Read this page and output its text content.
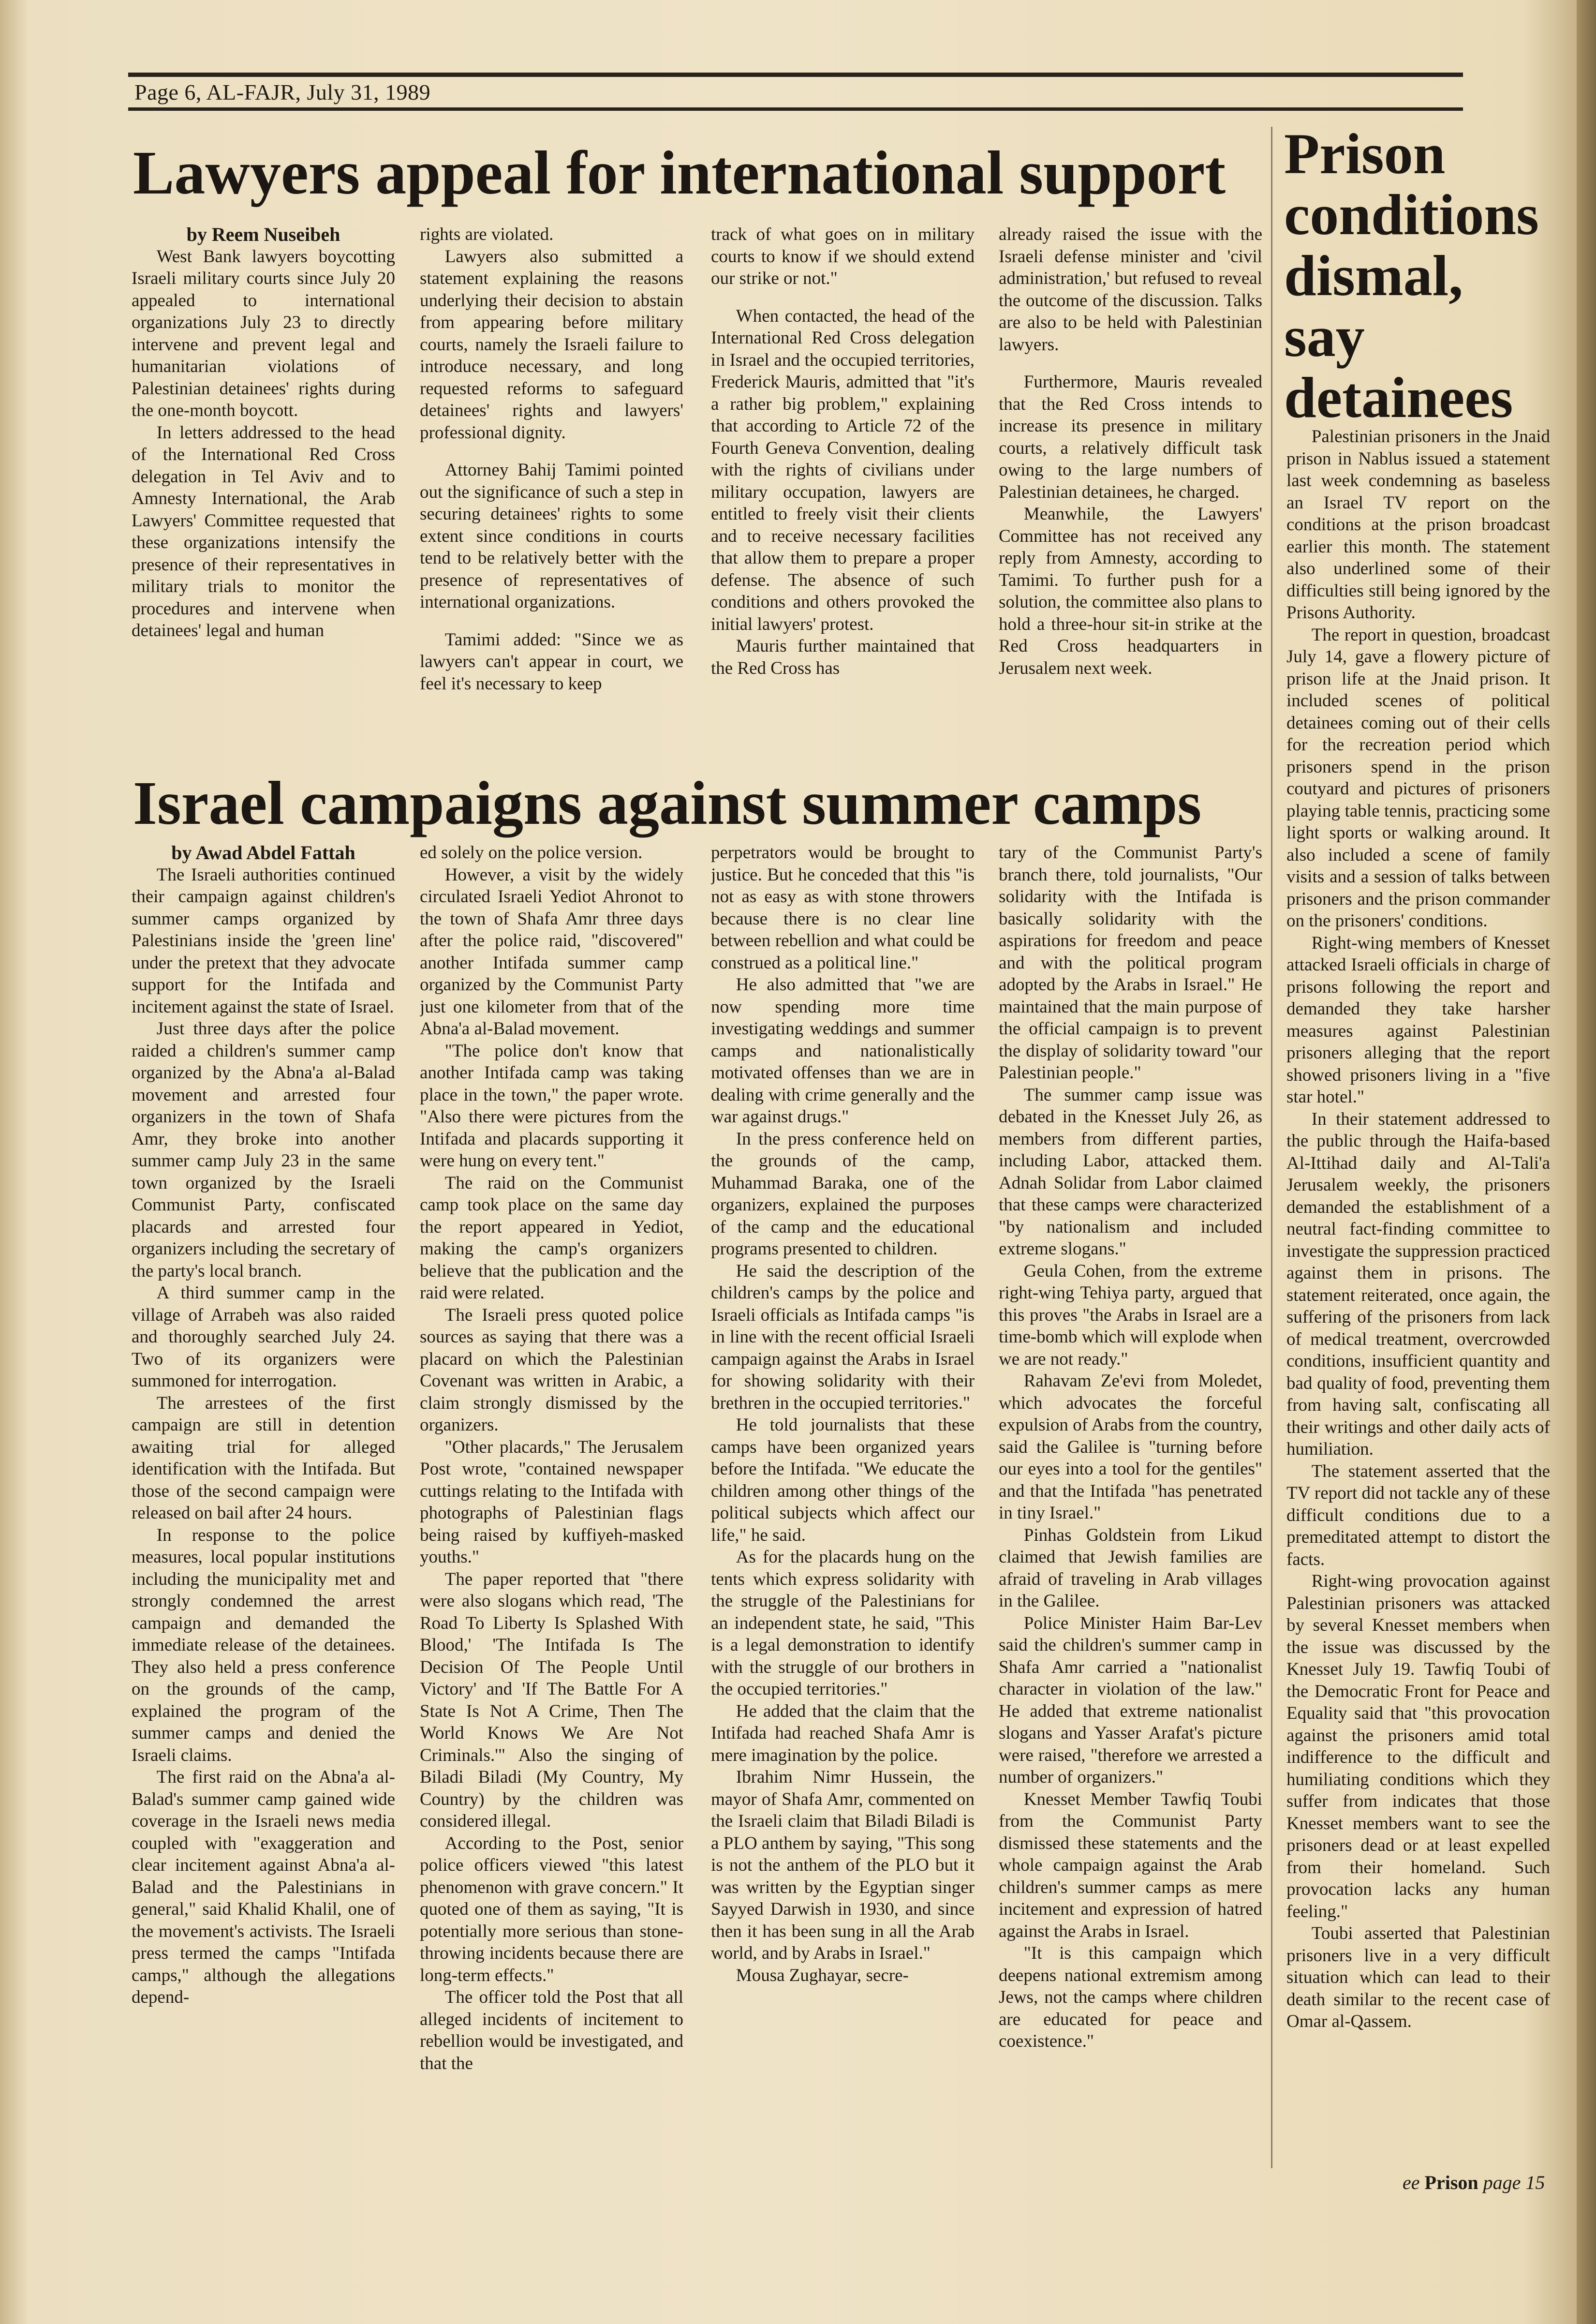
Page 6, AL-FAJR, July 31, 1989
Lawyers appeal for international support

by Reem Nuseibeh

West Bank lawyers boycotting Israeli military courts since July 20 appealed to international organizations July 23 to directly intervene and prevent legal and humanitarian violations of Palestinian detainees' rights during the one-month boycott.

In letters addressed to the head of the International Red Cross delegation in Tel Aviv and to Amnesty International, the Arab Lawyers' Committee requested that these organizations intensify the presence of their representatives in military trials to monitor the procedures and intervene when detainees' legal and human

rights are violated.

Lawyers also submitted a statement explaining the reasons underlying their decision to abstain from appearing before military courts, namely the Israeli failure to introduce necessary, and long requested reforms to safeguard detainees' rights and lawyers' professional dignity.

Attorney Bahij Tamimi pointed out the significance of such a step in securing detainees' rights to some extent since conditions in courts tend to be relatively better with the presence of representatives of international organizations.

Tamimi added: "Since we as lawyers can't appear in court, we feel it's necessary to keep

track of what goes on in military courts to know if we should extend our strike or not."

When contacted, the head of the International Red Cross delegation in Israel and the occupied territories, Frederick Mauris, admitted that "it's a rather big problem," explaining that according to Article 72 of the Fourth Geneva Convention, dealing with the rights of civilians under military occupation, lawyers are entitled to freely visit their clients and to receive necessary facilities that allow them to prepare a proper defense. The absence of such conditions and others provoked the initial lawyers' protest.

Mauris further maintained that the Red Cross has

already raised the issue with the Israeli defense minister and 'civil administration,' but refused to reveal the outcome of the discussion. Talks are also to be held with Palestinian lawyers.

Furthermore, Mauris revealed that the Red Cross intends to increase its presence in military courts, a relatively difficult task owing to the large numbers of Palestinian detainees, he charged.

Meanwhile, the Lawyers' Committee has not received any reply from Amnesty, according to Tamimi. To further push for a solution, the committee also plans to hold a three-hour sit-in strike at the Red Cross headquarters in Jerusalem next week.

Israel campaigns against summer camps

by Awad Abdel Fattah

The Israeli authorities continued their campaign against children's summer camps organized by Palestinians inside the 'green line' under the pretext that they advocate support for the Intifada and incitement against the state of Israel.

Just three days after the police raided a children's summer camp organized by the Abna'a al-Balad movement and arrested four organizers in the town of Shafa Amr, they broke into another summer camp July 23 in the same town organized by the Israeli Communist Party, confiscated placards and arrested four organizers including the secretary of the party's local branch.

A third summer camp in the village of Arrabeh was also raided and thoroughly searched July 24. Two of its organizers were summoned for interrogation.

The arrestees of the first campaign are still in detention awaiting trial for alleged identification with the Intifada. But those of the second campaign were released on bail after 24 hours.

In response to the police measures, local popular institutions including the municipality met and strongly condemned the arrest campaign and demanded the immediate release of the detainees. They also held a press conference on the grounds of the camp, explained the program of the summer camps and denied the Israeli claims.

The first raid on the Abna'a al-Balad's summer camp gained wide coverage in the Israeli news media coupled with "exaggeration and clear incitement against Abna'a al-Balad and the Palestinians in general," said Khalid Khalil, one of the movement's activists. The Israeli press termed the camps "Intifada camps," although the allegations depend-

ed solely on the police version.

However, a visit by the widely circulated Israeli Yediot Ahronot to the town of Shafa Amr three days after the police raid, "discovered" another Intifada summer camp organized by the Communist Party just one kilometer from that of the Abna'a al-Balad movement.

"The police don't know that another Intifada camp was taking place in the town," the paper wrote. "Also there were pictures from the Intifada and placards supporting it were hung on every tent."

The raid on the Communist camp took place on the same day the report appeared in Yediot, making the camp's organizers believe that the publication and the raid were related.

The Israeli press quoted police sources as saying that there was a placard on which the Palestinian Covenant was written in Arabic, a claim strongly dismissed by the organizers.

"Other placards," The Jerusalem Post wrote, "contained newspaper cuttings relating to the Intifada with photographs of Palestinian flags being raised by kuffiyeh-masked youths."

The paper reported that "there were also slogans which read, 'The Road To Liberty Is Splashed With Blood,' 'The Intifada Is The Decision Of The People Until Victory' and 'If The Battle For A State Is Not A Crime, Then The World Knows We Are Not Criminals.'" Also the singing of Biladi Biladi (My Country, My Country) by the children was considered illegal.

According to the Post, senior police officers viewed "this latest phenomenon with grave concern." It quoted one of them as saying, "It is potentially more serious than stone-throwing incidents because there are long-term effects."

The officer told the Post that all alleged incidents of incitement to rebellion would be investigated, and that the

perpetrators would be brought to justice. But he conceded that this "is not as easy as with stone throwers because there is no clear line between rebellion and what could be construed as a political line."

He also admitted that "we are now spending more time investigating weddings and summer camps and nationalistically motivated offenses than we are in dealing with crime generally and the war against drugs."

In the press conference held on the grounds of the camp, Muhammad Baraka, one of the organizers, explained the purposes of the camp and the educational programs presented to children.

He said the description of the children's camps by the police and Israeli officials as Intifada camps "is in line with the recent official Israeli campaign against the Arabs in Israel for showing solidarity with their brethren in the occupied territories."

He told journalists that these camps have been organized years before the Intifada. "We educate the children among other things of the political subjects which affect our life," he said.

As for the placards hung on the tents which express solidarity with the struggle of the Palestinians for an independent state, he said, "This is a legal demonstration to identify with the struggle of our brothers in the occupied territories."

He added that the claim that the Intifada had reached Shafa Amr is mere imagination by the police.

Ibrahim Nimr Hussein, the mayor of Shafa Amr, commented on the Israeli claim that Biladi Biladi is a PLO anthem by saying, "This song is not the anthem of the PLO but it was written by the Egyptian singer Sayyed Darwish in 1930, and since then it has been sung in all the Arab world, and by Arabs in Israel."

Mousa Zughayar, secre-

tary of the Communist Party's branch there, told journalists, "Our solidarity with the Intifada is basically solidarity with the aspirations for freedom and peace and with the political program adopted by the Arabs in Israel." He maintained that the main purpose of the official campaign is to prevent the display of solidarity toward "our Palestinian people."

The summer camp issue was debated in the Knesset July 26, as members from different parties, including Labor, attacked them. Adnah Solidar from Labor claimed that these camps were characterized "by nationalism and included extreme slogans."

Geula Cohen, from the extreme right-wing Tehiya party, argued that this proves "the Arabs in Israel are a time-bomb which will explode when we are not ready."

Rahavam Ze'evi from Moledet, which advocates the forceful expulsion of Arabs from the country, said the Galilee is "turning before our eyes into a tool for the gentiles" and that the Intifada "has penetrated in tiny Israel."

Pinhas Goldstein from Likud claimed that Jewish families are afraid of traveling in Arab villages in the Galilee.

Police Minister Haim Bar-Lev said the children's summer camp in Shafa Amr carried a "nationalist character in violation of the law." He added that extreme nationalist slogans and Yasser Arafat's picture were raised, "therefore we arrested a number of organizers."

Knesset Member Tawfiq Toubi from the Communist Party dismissed these statements and the whole campaign against the Arab children's summer camps as mere incitement and expression of hatred against the Arabs in Israel.

"It is this campaign which deepens national extremism among Jews, not the camps where children are educated for peace and coexistence."

Prison conditions dismal, say detainees

Palestinian prisoners in the Jnaid prison in Nablus issued a statement last week condemning as baseless an Israel TV report on the conditions at the prison broadcast earlier this month. The statement also underlined some of their difficulties still being ignored by the Prisons Authority.

The report in question, broadcast July 14, gave a flowery picture of prison life at the Jnaid prison. It included scenes of political detainees coming out of their cells for the recreation period which prisoners spend in the prison coutyard and pictures of prisoners playing table tennis, practicing some light sports or walking around. It also included a scene of family visits and a session of talks between prisoners and the prison commander on the prisoners' conditions.

Right-wing members of Knesset attacked Israeli officials in charge of prisons following the report and demanded they take harsher measures against Palestinian prisoners alleging that the report showed prisoners living in a "five star hotel."

In their statement addressed to the public through the Haifa-based Al-Ittihad daily and Al-Tali'a Jerusalem weekly, the prisoners demanded the establishment of a neutral fact-finding committee to investigate the suppression practiced against them in prisons. The statement reiterated, once again, the suffering of the prisoners from lack of medical treatment, overcrowded conditions, insufficient quantity and bad quality of food, preventing them from having salt, confiscating all their writings and other daily acts of humiliation.

The statement asserted that the TV report did not tackle any of these difficult conditions due to a premeditated attempt to distort the facts.

Right-wing provocation against Palestinian prisoners was attacked by several Knesset members when the issue was discussed by the Knesset July 19. Tawfiq Toubi of the Democratic Front for Peace and Equality said that "this provocation against the prisoners amid total indifference to the difficult and humiliating conditions which they suffer from indicates that those Knesset members want to see the prisoners dead or at least expelled from their homeland. Such provocation lacks any human feeling."

Toubi asserted that Palestinian prisoners live in a very difficult situation which can lead to their death similar to the recent case of Omar al-Qassem.

ee Prison page 15
